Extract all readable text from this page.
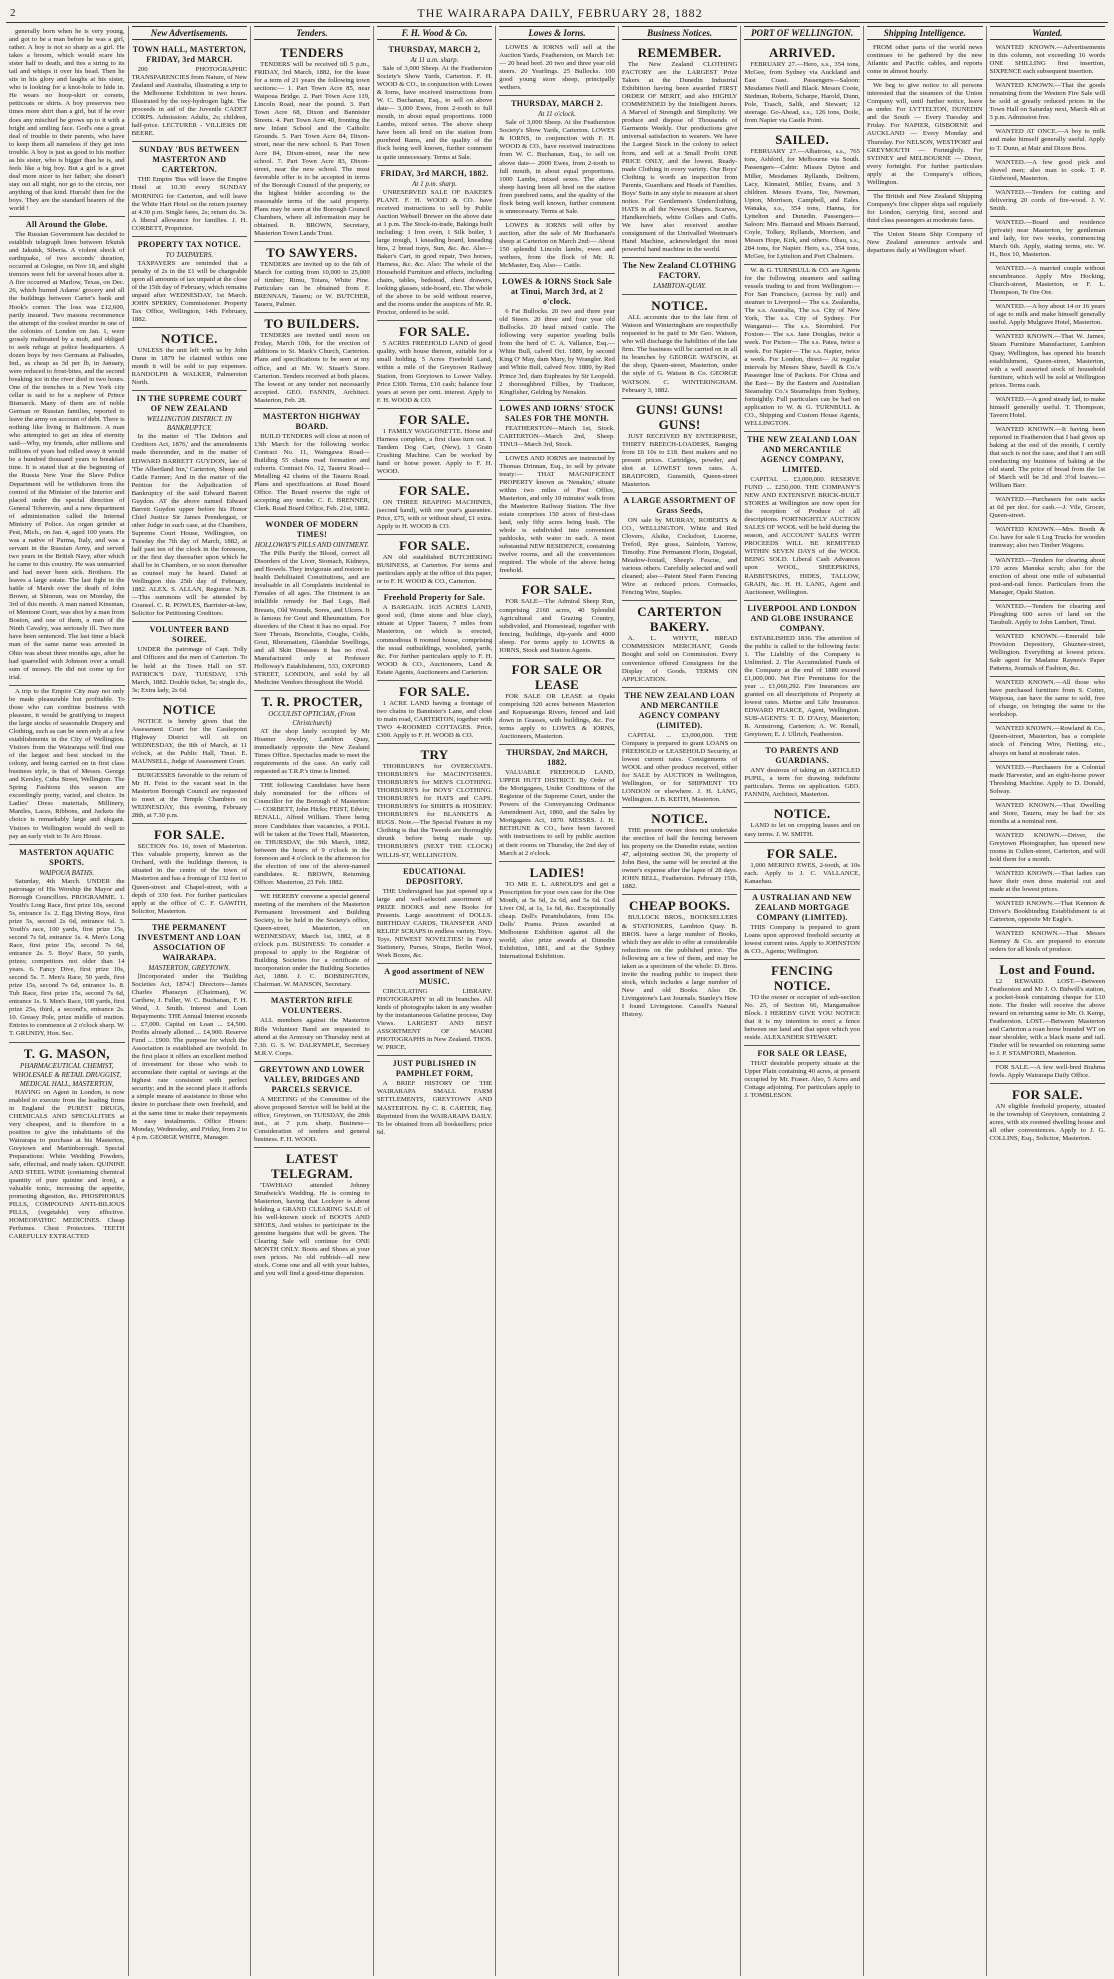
2	THE WAIRARAPA DAILY, FEBRUARY 28, 1882
generally born when he is very young, and got to be a man before he was a girl, rather. A boy is not so sharp as a girl. He takes a broom, which would scare his sister half to death, and ties a string to its tail and whisps it over his head. Then he sits in his glory and laughs at his sister, who is looking for a knot-hole to hide in. He wears no hoop-skirt or corsets, petticoats or shirts. A boy preserves two times more shirt than a girl, but if he ever does any mischief he grows up to it with a bright and smiling face. God's one a great deal of trouble to their parents, who have to keep them all nameless if they get into trouble. A boy is just as good to his mother as his sister, who is bigger than he is, and feels like a big boy. But a girl is a great deal more nicer to her father; she doesn't stay out all night, nor go to the circus, nor anything of that kind. Hurrah! then for the boys. They are the standard bearers of the world !
All Around the Globe.
The Russian Government has decided to establish telegraph lines between Irkutsk and Jakutsk, Siberia. A violent shock of earthquake, of two seconds' duration, occurred at Cologne, on Nov 18, and slight tremors were felt for several hours after it. A fire occurred at Marlow, Texas, on Dec. 26, which burned Adams' grocery and all the buildings between Carter's bank and Hook's corner. The loss was £12,600, partly insured. Two masons recommence the attempt of the coolest murder in one of the colonies of London on Jan. 1, were grossly maltreated by a mob, and obliged to seek refuge at police headquarters. A dozen boys by two Germans at Palisades, Ind., as cheap as 3d per lb, in January, were reduced to frost-bites, and the second breaking ice in the river died in two hours. One of the trenches in a New York city cellar is said to be a nephew of Prince Bismarck. Many of them are of noble German or Russian families, reported to leave the army on account of debt. There is nothing like living in Baltimore. A man who attempted to get an idea of eternity said—Why, my friends, after millions and millions of years had rolled away it would be a hundred thousand years to breakfast time. It is stated that at the beginning of the Russia New Year the Slave Police Department will be withdrawn from the control of the Minister of the Interior and placed under the special direction of General Tcherevin, and a new department of administration called the Internal Ministry of Police. An organ grinder at Pest, Mich., on Jan. 4, aged 100 years. He was a native of Parma, Italy, and was a servant in the Russian Army, and served two years in the British Navy, after which he came to this country. He was unmarried and had never been sick. Brothers. He leaves a large estate. The last fight in the battle of Marsh over the death of John Brown, at Shinoun, was on Monday, the 3rd of this month. A man named Kinsman, of Mentone Court, was shot by a man from Boston, and one of them, a man of the Ninth Cavalry, was seriously ill. Two men have been sentenced. The last time a black man of the same name was arrested in Ohio was about three months ago, after he had quarrelled with Johnson over a small sum of money. He did not come up for trial.
A trip to the Empire City may not only be made pleasurable but profitable. To those who can combine business with pleasure, it would be gratifying to inspect the large stocks of seasonable Drapery and Clothing, such as can be seen only at a few establishments in the City of Wellington. Visitors from the Wairarapa will find one of the largest and best stocked in the colony, and being carried on in first class business style, is that of Messrs. George and Kersley, Cuba Street, Wellington. The Spring Fashions this season are exceedingly pretty, varied, and choice. In Ladies' Dress materials, Millinery, Mantles, Laces, Ribbons, and Jackets the choice is remarkably large and elegant. Visitors to Wellington would do well to pay an early visit to Te Aro House.
MASTERTON AQUATIC SPORTS.
WAIPOUA BATHS.
Saturday, 4th March. UNDER the patronage of His Worship the Mayor and Borough Councillors. PROGRAMME. 1. Youth's Long Race, first prize 10s, second 5s, entrance 1s. 2. Egg Diving Boys, first prize 5s, second 2s 6d, entrance 6d. 3. Youth's race, 100 yards, first prize 15s, second 7s 6d, entrance 1s. 4. Men's Long Race, first prize 15s, second 7s 6d, entrance 2s. 5. Boys' Race, 50 yards, prizes; competitors not older than 14 years. 6. Fancy Dive, first prize 10s, second 5s. 7. Men's Race, 50 yards, first prize 15s, second 7s 6d, entrance 1s. 8. Tub Race, first prize 15s, second 7s 6d, entrance 1s. 9. Men's Race, 100 yards, first prize 25s, third, a second's, entrance 2s. 10. Greasy Pole, prize middle of mutton. Entries to commence at 2 o'clock sharp. W. T. GRUNDY, Hon. Sec.
T. G. MASON,
PHARMACEUTICAL CHEMIST, WHOLESALE & RETAIL DRUGGIST, MEDICAL HALL, MASTERTON,
HAVING on Agent in London, is now enabled to execute from the leading firms in England the PUREST DRUGS, CHEMICALS AND SPECIALITIES at very cheapest, and is therefore in a position to give the inhabitants of the Wairarapa to purchase at his Masterton, Greytown and Martinborough. Special Preparations: White Wedding Powders, safe, effectual, and ready taken. QUININE AND STEEL WINE (containing chemical quantity of pure quinine and iron), a valuable tonic, increasing the appetite, promoting digestion, &c. PHOSPHORUS PILLS, COMPOUND ANTI-BILIOUS PILLS, (vegetable) very effective. HOMEOPATHIC MEDICINES. Cheap Perfumes. Chest Protectors. TEETH CAREFULLY EXTRACTED
New Advertisements.
TOWN HALL, MASTERTON, FRIDAY, 3rd MARCH.
200 PHOTOGRAPHIC TRANSPARENCIES from Nature, of New Zealand and Australia, illustrating a trip to the Melbourne Exhibition in two hours. Illustrated by the oxy-hydrogen light. The proceeds in aid of the Juvenile CADET CORPS. Admission: Adults, 2s; children, half-price. LECTURER - VILLIERS DE BEERE.
SUNDAY 'BUS BETWEEN MASTERTON AND CARTERTON.
THE Empire 'Bus will leave the Empire Hotel at 10.30 every SUNDAY MORNING for Carterton, and will leave the White Hart Hotel on the return journey at 4.30 p.m. Single fares, 2s; return do. 3s. A liberal allowance for families. J. H. CORBETT, Proprietor.
PROPERTY TAX NOTICE.
TO TAXPAYERS.
TAXPAYERS are reminded that a penalty of 2s in the £1 will be chargeable upon all amounts of tax unpaid at the close of the 15th day of February, which remains unpaid after WEDNESDAY, 1st March. JOHN SPERRY, Commissioner. Property Tax Office, Wellington, 14th February, 1882.
NOTICE.
UNLESS the unit left with us by John Dunn in 1879 be claimed within one month it will be sold to pay expenses. RANDOLPH & WALKER, Palmerston North.
IN THE SUPREME COURT OF NEW ZEALAND
WELLINGTON DISTRICT. IN BANKRUPTCY.
In the matter of 'The Debtors and Creditors Act, 1876,' and the amendments made thereunder, and in the matter of EDWARD BARRETT GUYDON, late of 'The Albertland Inn,' Carterton, Sheep and Cattle Farmer; And in the matter of the Petition for the Adjudication of Bankruptcy of the said Edward Barrett Guydon. AT the above named Edward Barrett Guydon upper before his Honor Chief Justice Sir James Prendergast, or other Judge in such case, at the Chambers, Supreme Court House, Wellington, on Tuesday the 7th day of March, 1882, at half past ten of the clock in the forenoon, or the first day thereafter upon which he shall be in Chambers, or so soon thereafter as counsel may be heard. Dated at Wellington this 25th day of February, 1882. ALEX. S. ALLAN, Registrar. N.B.—This summons will be attended by Counsel. C. R. POWLES, Barrister-at-law, Solicitor for Petitioning Creditors.
VOLUNTEER BAND SOIREE.
UNDER the patronage of Capt. Tolly and Officers and the men of Carterton. To be held at the Town Hall on ST. PATRICK'S DAY, TUESDAY, 17th March, 1882. Double ticket, 5s; single do., 3s; Extra lady, 2s 6d.
NOTICE
NOTICE is hereby given that the Assessment Court for the Castlepoint Highway District will sit on WEDNESDAY, the 8th of March, at 11 o'clock, at the Public Hall, Tinui. E. MAUNSELL, Judge of Assessment Court.
BURGESSES favorable to the return of Mr H. Feist to the vacant seat in the Masterton Borough Council are requested to meet at the Temple Chambers on WEDNESDAY, this evening, February 28th, at 7.30 p.m.
FOR SALE.
SECTION No. 16, town of Masterton. This valuable property, known as the Orchard, with the buildings thereon, is situated in the centre of the town of Masterton and has a frontage of 132 feet to Queen-street and Chapel-street, with a depth of 330 feet. For further particulars apply at the office of C. F. GAWITH, Solicitor, Masterton.
THE PERMANENT INVESTMENT AND LOAN ASSOCIATION OF WAIRARAPA.
MASTERTON, GREYTOWN.
[Incorporated under the 'Building Societies Act, 1874.'] Directors—James Charles Pharazyn (Chairman), W. Carthew, J. Fuller, W. C. Buchanan, F. H. Wood, J. Smith. Interest and Loan Repayments: THE Annual Interest exceeds ... £7,000. Capital on Loan ... £4,500. Profits already allotted ... £4,900. Reserve Fund ... £900. The purpose for which the Association is established are twofold. In the first place it offers an excellent method of investment for those who wish to accumulate their capital or savings at the highest rate consistent with perfect security; and in the second place it affords a simple means of assistance to those who desire to purchase their own freehold, and at the same time to make their repayments in easy instalments. Office Hours: Monday, Wednesday, and Friday, from 2 to 4 p.m. GEORGE WHITE, Manager.
Tenders.
TENDERS
TENDERS will be received till 5 p.m., FRIDAY, 3rd March, 1882, for the lease for a term of 21 years the following town sections:— 1. Part Town Acre 85, near Waipoua Bridge. 2. Part Town Acre 119, Lincoln Road, near the pound. 3. Part Town Acre 68, Dixon and Bannister Streets. 4. Part Town Acre 40, fronting the new Infant School and the Catholic Grounds. 5. Part Town Acre 84, Dixon-street, near the new school. 6. Part Town Acre 84, Dixon-street, near the new school. 7. Part Town Acre 83, Dixon-street, near the new school. The most favorable offer is to be accepted in terms of the Borough Council of the property, or the highest bidder according to the reasonable terms of the said property. Plans may be seen at the Borough Council Chambers, where all information may be obtained. R. BROWN, Secretary, Masterton Town Lands Trust.
TO SAWYERS.
TENDERS are invited up to the 6th of March for cutting from 10,000 to 25,000 of timber; Rimu, Totara, White Pine. Particulars can be obtained from F. BRENNAN, Taueru; or W. BUTCHER, Taueru, Palmer.
TO BUILDERS.
TENDERS are invited until noon on Friday, March 10th, for the erection of additions to St. Mark's Church, Carterton. Plans and specifications to be seen at my office, and at Mr. W. Stuart's Store. Carterton. Tenders received at both places. The lowest or any tender not necessarily accepted. GEO. FANNIN, Architect. Masterton, Feb. 28.
MASTERTON HIGHWAY BOARD.
BUILD TENDERS will close at noon of 13th March for the following works: Contract No. 11, Waingawa Road—Building 55 chains road formation and culverts. Contract No. 12, Taueru Road—Metalling 42 chains of the Taueru Road. Plans and specifications at Road Board Office. The Board reserve the right of accepting any tender. C. E. BRENNER, Clerk. Road Board Office, Feb. 21st, 1882.
WONDER OF MODERN TIMES!
HOLLOWAY'S PILLS AND OINTMENT.
The Pills Purify the Blood, correct all Disorders of the Liver, Stomach, Kidneys, and Bowels. They invigorate and restore to health Debilitated Constitutions, and are invaluable in all Complaints incidental to Females of all ages. The Ointment is an infallible remedy for Bad Legs, Bad Breasts, Old Wounds, Sores, and Ulcers. It is famous for Gout and Rheumatism. For disorders of the Chest it has no equal. For Sore Throats, Bronchitis, Coughs, Colds, Gout, Rheumatism, Glandular Swellings, and all Skin Diseases it has no rival. Manufactured only at Professor Holloway's Establishment, 533, OXFORD STREET, LONDON, and sold by all Medicine Vendors throughout the World.
T. R. PROCTER,
OCCULIST OPTICIAN, (From Christchurch)
AT the shop lately occupied by Mr Hoamer Jewelry, Lambton Quay, immediately opposite the New Zealand Times Office. Spectacles made to meet the requirements of the case. An early call requested as T.R.P.'s time is limited.
THE following Candidates have been duly nominated for the offices of Councillor for the Borough of Masterton:— CORBETT, John Hicks; FEIST, Edwin; RENALL, Alfred William. There being more Candidates than vacancies, a POLL will be taken at the Town Hall, Masterton, on THURSDAY, the 9th March, 1882, between the hours of 9 o'clock in the forenoon and 4 o'clock in the afternoon for the election of one of the above-named candidates. R. BROWN, Returning Officer. Masterton, 23 Feb. 1882.
WE HEREBY convene a special general meeting of the members of the Masterton Permanent Investment and Building Society, to be held in the Society's office, Queen-street, Masterton, on WEDNESDAY, March 1st, 1882, at 8 o'clock p.m. BUSINESS: To consider a proposal to apply to the Registrar of Building Societies for a certificate of incorporation under the Building Societies Act, 1880. J. C. BOBBINGTON, Chairman. W. MANSON, Secretary.
MASTERTON RIFLE VOLUNTEERS.
ALL members against the Masterton Rifle Volunteer Band are requested to attend at the Armoury on Thursday next at 7.30. G. S. W. DALRYMPLE, Secretary M.R.V. Corps.
GREYTOWN AND LOWER VALLEY, BRIDGES AND PARCELS SERVICE.
A MEETING of the Committee of the above proposed Service will be held at the office, Greytown, on TUESDAY, the 28th inst., at 7 p.m. sharp. Business—Consideration of tenders and general business. F. H. WOOD.
LATEST TELEGRAM.
'TAWHIAO attended Johnny Strudwick's Wedding. He is coming to Masterton, having that Lockyer is about holding a GRAND CLEARING SALE of his well-known stock of BOOTS AND SHOES, And wishes to participate in the genuine bargains that will be given. The Clearing Sale will continue for ONE MONTH ONLY. Boots and Shoes at your own prices. No old rubbish—all new stock. Come one and all with your babies, and you will find a good-time dispersion.
F. H. Wood & Co.
THURSDAY, MARCH 2,
At 11 a.m. sharp.
Sale of 3,000 Sheep. At the Featherston Society's Show Yards, Carterton. F. H. WOOD & CO., in conjunction with Lowes & Iorns, have received instructions from W. C. Buchanan, Esq., to sell on above date— 3,000 Ewes, from 2-tooth to full mouth, in about equal proportions. 1000 Lambs, mixed sexes. The above sheep have been all bred on the station from purebred Rams, and the quality of the flock being well known, further comment is quite unnecessary. Terms at Sale.
FRIDAY, 3rd MARCH, 1882.
At 1 p.m. sharp.
UNRESERVED SALE OF BAKER'S PLANT. F. H. WOOD & CO. have received instructions to sell by Public Auction Websell Brewer on the above date at 1 p.m. The Stock-in-trade, Bakings built including: 1 Iron oven, 1 Silk boiler, 1 large trough, 1 kneading board, kneading bins, 2 bread trays, Sun, &c. &c. Also— Baker's Cart, in good repair, Two horses, Harness, &c. &c. Also: The whole of the Household Furniture and effects, including chairs, tables, bedstead, chest drawers, looking glasses, side-board, etc. The whole of the above to be sold without reserve, and the rooms under the auspices of Mr. R. Proctor, ordered to be sold.
FOR SALE.
5 ACRES FREEHOLD LAND of good quality, with house thereon, suitable for a small holding. 5 Acres Freehold Land, within a mile of the Greytown Railway Station, from Greytown to Lower Valley. Price £300. Terms, £10 cash; balance four years at seven per cent. interest. Apply to F. H. WOOD & CO.
FOR SALE.
1 FAMILY WAGGONETTE. Horse and Harness complete, a first class turn out. 1 Tandem Dog Cart, (New). 1 Grain Crushing Machine. Can be worked by hand or horse power. Apply to F. H. WOOD.
FOR SALE.
ON THREE REAPING MACHINES, (second hand), with one year's guarantee. Price, £75, with or without sheaf, £1 extra. Apply to H. WOOD & CO.
FOR SALE.
AN old established BUTCHERING BUSINESS, at Carterton. For terms and particulars apply at the office of this paper, or to F. H. WOOD & CO., Carterton.
Freehold Property for Sale.
A BARGAIN. 1635 ACRES LAND, good soil, (lime stone and blue clay), situate at Upper Taueru, 7 miles from Masterton, on which is erected, commodious 8 roomed house, comprising the usual outbuildings, woolshed, yards, &c. For further particulars apply to F. H. WOOD & CO., Auctioneers, Land & Estate Agents, Auctioneers and Carterton.
FOR SALE.
1 ACRE LAND having a frontage of two chains to Bannister's Lane, and close to main road, CARTERTON, together with TWO 4-ROOMED COTTAGES. Price, £300. Apply to F. H. WOOD & CO.
TRY
THORBURN'S for OVERCOATS. THORBURN'S for MACINTOSHES. THORBURN'S for MEN'S CLOTHING. THORBURN'S for BOYS' CLOTHING. THORBURN'S for HATS and CAPS. THORBURN'S for SHIRTS & HOSIERY. THORBURN'S for BLANKETS & RUGS. Note.—The Special Feature in my Clothing is that the Tweeds are thoroughly shrunk before being made up. THORBURN'S (NEXT THE CLOCK) WILLIS-ST, WELLINGTON.
EDUCATIONAL DEPOSITORY.
THE Undersigned has just opened up a large and well-selected assortment of PRIZE BOOKS and new Books for Presents. Large assortment of DOLLS. BIRTHDAY CARDS, TRANSFER AND RELIEF SCRAPS in endless variety. Toys. Toys. NEWEST NOVELTIES! In Fancy Stationery, Purses, Straps, Berlin Wool, Work Boxes, &c.
A good assortment of NEW MUSIC.
CIRCULATING LIBRARY. PHOTOGRAPHY in all its branches. All kinds of photographs taken in any weather by the instantaneous Gelatine process, Day Views. LARGEST AND BEST ASSORTMENT OF MAORI PHOTOGRAPHS in New Zealand. THOS. W. PRICE.
JUST PUBLISHED IN PAMPHLET FORM,
A BRIEF HISTORY OF THE WAIRARAPA SMALL FARM SETTLEMENTS, GREYTOWN AND MASTERTON. By C. R. CARTER, Esq. Reprinted from the WAIRARAPA DAILY. To be obtained from all booksellers; price 6d.
Lowes & Iorns.
LOWES & IORNS will sell at the Auction Yards, Featherston, on March 1st:— 20 head beef. 20 two and three year old steers. 20 Yearlings. 25 Bullocks. 100 good young store sheep, principally wethers.
THURSDAY, MARCH 2.
At 11 o'clock.
Sale of 3,000 Sheep. At the Featherston Society's Show Yards, Carterton. LOWES & IORNS, in conjunction with F. H. WOOD & CO., have received instructions from W. C. Buchanan, Esq., to sell on above date— 2000 Ewes, from 2-tooth to full mouth, in about equal proportions. 1000 Lambs, mixed sexes. The above sheep having been all bred on the station from purebred rams, and the quality of the flock being well known, further comment is unnecessary. Terms at Sale.
LOWES & IORNS will offer by auction, after the sale of Mr Buchanan's sheep at Carterton on March 2nd:— About 150 splendid Lincoln lambs, ewes and wethers, from the flock of Mr. R. McMaster, Esq. Also— Cattle.
LOWES & IORNS Stock Sale at Tinui, March 3rd, at 2 o'clock.
6 Fat Bullocks. 20 two and three year old Steers. 20 three and four year old Bullocks. 20 head mixed cattle. The following very superior yearling bulls from the herd of C. A. Vallance, Esq.— White Bull, calved Oct. 1880, by second King O' May, dam Mary, by Wrangler. Red and White Bull, calved Nov. 1880, by Red Prince 3rd, dam Euphrates by Sir Leopold. 2 thoroughbred Fillies, by Traducer, Kingfisher, Gelding by Nenakin.
LOWES AND IORNS' STOCK SALES FOR THE MONTH.
FEATHERSTON—March 1st, Stock. CARTERTON—March 2nd, Sheep. TINUI—March 3rd, Stock.
LOWES AND IORNS are instructed by Thomas Drinnan, Esq., to sell by private treaty:— THAT MAGNIFICENT PROPERTY known as 'Nenakin,' situate within two miles of Post Office, Masterton, and only 10 minutes' walk from the Masterton Railway Station. The five estate comprises 150 acres of first-class land, only fifty acres being bush. The whole is subdivided into convenient paddocks, with water in each. A most substantial NEW RESIDENCE, containing twelve rooms, and all the conveniences required. The whole of the above being freehold.
FOR SALE.
FOR SALE—The Admiral Sheep Run, comprising 2160 acres, 40 Splendid Agricultural and Grazing Country, subdivided, and Homestead, together with fencing, buildings, dip-yards and 4000 sheep. For terms apply to LOWES & IORNS, Stock and Station Agents.
FOR SALE OR LEASE
FOR SALE OR LEASE at Opaki comprising 320 acres between Masterton and Kopuaranga Rivers, fenced and laid down in Grasses, with buildings, &c. For terms apply to LOWES & IORNS, Auctioneers, Masterton.
THURSDAY, 2nd MARCH, 1882.
VALUABLE FREEHOLD LAND, UPPER HUTT DISTRICT. By Order of the Mortgagees, Under Conditions of the Registrar of the Supreme Court, under the Powers of the Conveyancing Ordinance Amendment Act, 1860, and the Sales by Mortgagees Act, 1870. MESSRS. J. H. BETHUNE & CO., have been favored with instructions to sell by public auction at their rooms on Thursday, the 2nd day of March at 2 o'clock.
LADIES!
TO MR E. L. ARNOLD'S and get a Prescription for your own case for the One Month, at 5s 6d, 2s 6d, and 5s 6d. Cod Liver Oil, at 1s, 1s 6d, &c. Exceptionally cheap. Doll's Perambulators, from 15s. Dolls' Prams. Prizes awarded at Melbourne Exhibition against all the world; also prize awards at Dunedin Exhibition, 1881, and at the Sydney International Exhibition.
Business Notices.
REMEMBER.
The New Zealand CLOTHING FACTORY are the LARGEST Prize Takers at the Dunedin Industrial Exhibition having been awarded FIRST ORDER OF MERIT, and also HIGHLY COMMENDED by the Intelligent Jurors. A Marvel of Strength and Simplicity. We produce and dispose of Thousands of Garments Weekly. Our productions give universal satisfaction to wearers. We have the Largest Stock in the colony to select from, and sell at a Small Profit ONE PRICE ONLY, and the lowest. Ready-made Clothing in every variety. Our Boys' Clothing is worth an inspection from Parents, Guardians and Heads of Families. Boys' Suits in any style to measure at short notice. For Gentlemen's Underclothing, HATS in all the Newest Shapes. Scarves, Handkerchiefs, white Collars and Cuffs. We have also received another consignment of the Unrivalled Weetman's Hand Machine, acknowledged the most powerful hand machine in the world.
The New Zealand CLOTHING FACTORY.
LAMBTON-QUAY.
NOTICE.
ALL accounts due to the late firm of Watson and Winteringham are respectfully requested to be paid to Mr Geo. Watson, who will discharge the liabilities of the late firm. The business will be carried on in all its branches by GEORGE WATSON, at the shop, Queen-street, Masterton, under the style of G. Watson & Co. GEORGE WATSON. C. WINTERINGHAM. February 3, 1882.
GUNS! GUNS! GUNS!
JUST RECEIVED BY ENTERPRISE, THIRTY BREECH-LOADERS, Ranging from £6 10s to £18. Best makers and no present prices. Cartridges, powder, and shot at LOWEST town rates. A. BRADFORD, Gunsmith, Queen-street Masterton.
A LARGE ASSORTMENT OF Grass Seeds,
ON sale by MURRAY, ROBERTS & CO., WELLINGTON. White and Red Clovers, Alsike, Cocksfoot, Lucerne, Trefoil, Rye grass, Sainfoin, Yarrow, Timothy. Fine Permanent Florin, Dogstail, Meadow-foxtail, Sheep's Fescue, and various others. Carefully selected and well cleaned; also—Patent Steel Farm Fencing Wire at reduced prices. Cornsacks, Fencing Wire, Staples.
CARTERTON BAKERY.
A. L. WHYTE, BREAD COMMISSION MERCHANT, Goods Bought and sold on Commission. Every convenience offered Consignees for the Display of Goods. TERMS ON APPLICATION.
THE NEW ZEALAND LOAN AND MERCANTILE AGENCY COMPANY (LIMITED).
CAPITAL ... £3,000,000. THE Company is prepared to grant LOANS on FREEHOLD or LEASEHOLD Security, at lowest current rates. Consignments of WOOL and other produce received, either for SALE by AUCTION in Wellington, Wellington, or for SHIPMENT TO LONDON or elsewhere. J. H. LANG, Wellington. J. B. KEITH, Masterton.
NOTICE.
THE present owner does not undertake the erection of half the fencing between his property on the Dunedin estate, section 47, adjoining section 36, the property of John Best, the same will be erected at the owner's expense after the lapse of 28 days. JOHN BELL, Featherston. February 15th, 1882.
CHEAP BOOKS.
BULLOCK BROS., BOOKSELLERS & STATIONERS, Lambton Quay. B. BROS. have a large number of Books, which they are able to offer at considerable reductions on the published price. The following are a few of them, and may be taken as a specimen of the whole: D. Bros. invite the reading public to inspect their stock, which includes a large number of New and old Books. Also Dr. Livingstone's Last Journals. Stanley's How I found Livingstone. Cassell's Natural History.
PORT OF WELLINGTON.
ARRIVED.
FEBRUARY 27.—Hero, s.s., 354 tons, McGee, from Sydney via Auckland and East Coast. Passengers—Saloon: Mesdames Neill and Black. Messrs Coote, Stedman, Roberts, Scharpe, Harold, Dunn, Pole, Trasch, Salik, and Stewart; 12 steerage. Go-Ahead, s.s., 126 tons, Doile, from Napier via Castle Point.
SAILED.
FEBRUARY 27.—Albatross, s.s., 765 tons, Ashford, for Melbourne via South. Passengers—Cabin: Misses Dyton and Miller, Mesdames Ryllands, Doltrem, Lacy, Kinnaird, Miller, Evans, and 3 children. Messrs Evans, Tee, Newman, Upton, Morrison, Campbell, and Eales. Wanaka, s.s., 354 tons, Hanna, for Lyttelton and Dunedin. Passengers—Saloon: Mrs. Barraud and Misses Barraud, Coyle, Tolkey, Ryllands, Morrison, and Messrs Hope, Kirk, and others. Ohau, s.s., 284 tons, for Napier. Hero, s.s., 354 tons, McGee, for Lyttelton and Port Chalmers.
W. & G. TURNBULL & CO. are Agents for the following steamers and sailing vessels trading to and from Wellington:— For San Francisco, (across by rail) and steamer to Liverpool— The s.s. Zealandia, The s.s. Australia, The s.s. City of New York, The s.s. City of Sydney. For Wanganui— The s.s. Stormbird. For Foxton— The s.s. Jane Douglas, twice a week. For Picton— The s.s. Patea, twice a week. For Napier— The s.s. Napier, twice a week. For London, direct— At regular intervals by Messrs Shaw, Savill & Co.'s Passenger line of Packets. For China and the East— By the Eastern and Australian Steamship Co.'s Steamships from Sydney, fortnightly. Full particulars can be had on application to W. & G. TURNBULL & CO., Shipping and Custom House Agents, WELLINGTON.
THE NEW ZEALAND LOAN AND MERCANTILE AGENCY COMPANY, LIMITED.
CAPITAL ... £3,000,000. RESERVE FUND ... £250,000. THE COMPANY'S NEW AND EXTENSIVE BRICK-BUILT STORES at Wellington are now open for the reception of Produce of all descriptions. FORTNIGHTLY AUCTION SALES OF WOOL will be held during the season, and ACCOUNT SALES WITH PROCEEDS WILL BE REMITTED WITHIN SEVEN DAYS of the WOOL BEING SOLD. Liberal Cash Advances upon WOOL, SHEEPSKINS, RABBITSKINS, HIDES, TALLOW, GRAIN, &c. H. H. LANG, Agent and Auctioneer, Wellington.
LIVERPOOL AND LONDON AND GLOBE INSURANCE COMPANY.
ESTABLISHED 1836. The attention of the public is called to the following facts: 1. The Liability of the Company is Unlimited. 2. The Accumulated Funds of the Company at the end of 1880 exceed £1,000,000. Net Fire Premiums for the year ... £1,060,292. Fire Insurances are granted on all descriptions of Property at lowest rates. Marine and Life Insurance. EDWARD PEARCE, Agent, Wellington. SUB-AGENTS: T. D. D'Arcy, Masterton; R. Armstrong, Carterton; A. W. Renall, Greytown; E. J. Ullrich, Featherston.
TO PARENTS AND GUARDIANS.
ANY desirous of taking an ARTICLED PUPIL, a term for drawing indefinite particulars. Terms on application. GEO. FANNIN, Architect, Masterton.
NOTICE.
LAND to let on cropping leases and on easy terms. J. W. SMITH.
FOR SALE.
1,000 MERINO EWES, 2-tooth, at 10s each. Apply to J. C. VALLANCE, Kanaehau.
A USTRALIAN AND NEW ZEALAND MORTGAGE COMPANY (LIMITED).
THIS Company is prepared to grant Loans upon approved freehold security at lowest current rates. Apply to JOHNSTON & CO., Agents; Wellington.
FENCING NOTICE.
TO the owner or occupier of sub-section No. 25, of Section 66, Mangamahoe Block. I HEREBY GIVE YOU NOTICE that it is my intention to erect a fence between our land and that upon which you reside. ALEXANDER STEWART.
FOR SALE OR LEASE,
THAT desirable property situate at the Upper Plain containing 40 acres, at present occupied by Mr. Fraser. Also, 5 Acres and Cottage adjoining. For particulars apply to J. TOMBLESON.
Shipping Intelligence.
FROM other parts of the world news continues to be gathered by the new Atlantic and Pacific cables, and reports come in almost hourly.
We beg to give notice to all persons interested that the steamers of the Union Company will, until further notice, leave as under. For LYTTELTON, DUNEDIN and the South — Every Tuesday and Friday. For NAPIER, GISBORNE and AUCKLAND — Every Monday and Thursday. For NELSON, WESTPORT and GREYMOUTH — Fortnightly. For SYDNEY and MELBOURNE — Direct, every fortnight. For further particulars apply at the Company's offices, Wellington.
The British and New Zealand Shipping Company's fine clipper ships sail regularly for London, carrying first, second and third class passengers at moderate fares.
The Union Steam Ship Company of New Zealand announce arrivals and departures daily at Wellington wharf.
Wanted.
WANTED KNOWN.—Advertisements in this column, not exceeding 16 words ONE SHILLING first insertion, SIXPENCE each subsequent insertion.
WANTED KNOWN.—That the goods remaining from the Western Fire Sale will be sold at greatly reduced prices in the Town Hall on Saturday next, March 4th at 3 p.m. Admission free.
WANTED AT ONCE.—A boy to milk and make himself generally useful. Apply to T. Dunn, at Mair and Dixon Bros.
WANTED.—A few good pick and shovel men; also man to cook. T. P. Girdwood, Masterton.
WANTED.—Tenders for cutting and delivering 20 cords of fire-wood. J. V. Smith.
WANTED.—Board and residence (private) near Masterton, by gentleman and lady, for two weeks, commencing March 6th. Apply, stating terms, etc. W. H., Box 10, Masterton.
WANTED.—A married couple without encumbrance. Apply Mrs Hocking, Church-street, Masterton, or F. L. Thompson, Te Ore Ore.
WANTED.—A boy about 14 or 16 years of age to milk and make himself generally useful. Apply Mulgrave Hotel, Masterton.
WANTED KNOWN.—That W. James, Steam Furniture Manufacturer, Lambton Quay, Wellington, has opened his branch establishment, Queen-street, Masterton, with a well assorted stock of household furniture, which will be sold at Wellington prices. Terms cash.
WANTED.—A good steady lad, to make himself generally useful. T. Thompson, Tavern Hotel.
WANTED KNOWN.—It having been reported in Featherston that I had given up baking at the end of the month, I certify that such is not the case, and that I am still conducting my business of baking at the old stand. The price of bread from the 1st of March will be 3d and 3½d loaves.—William Barr.
WANTED.—Purchasers for oats sacks at 6d per doz. for cash.—J. Vile, Grocer, Queen-street.
WANTED KNOWN.—Mrs. Booth & Co. have for sale 6 Log Trucks for wooden tramway; also two Timber Wagons.
WANTED.—Tenders for clearing about 170 acres Manuka scrub; also for the erection of about one mile of substantial post-and-rail fence. Particulars from the Manager, Opaki Station.
WANTED.—Tenders for clearing and Ploughing 600 acres of land on the Tarabuli. Apply to John Lambert, Tinui.
WANTED KNOWN.—Emerald Isle Provision Depository, Ghuznee-street, Wellington. Everything at lowest prices. Sale agent for Madame Raynes's Paper Patterns, Journals of Fashion, &c.
WANTED KNOWN.—All those who have purchased furniture from S. Cotter, Waipoua, can have the same to sold, free of charge, on bringing the same to the workshop.
WANTED KNOWN.—Rowland & Co., Queen-street, Masterton, has a complete stock of Fencing Wire, Netting, etc., always on hand at moderate rates.
WANTED.—Purchasers for a Colonial made Harvester, and an eight-horse power Threshing Machine. Apply to D. Donald, Solway.
WANTED KNOWN.—That Dwelling and Store, Taueru, may be had for six months at a nominal rent.
WANTED KNOWN.—Driver, the Greytown Photographer, has opened new rooms in Cullen-street, Carterton, and will hold them for a month.
WANTED KNOWN.—That ladies can have their own dress material cut and made at the lowest prices.
WANTED KNOWN.—That Kennon & Driver's Bookbinding Establishment is at Carterton, opposite Mr Eagle's.
WANTED KNOWN.—That Messrs Kenney & Co. are prepared to execute orders for all kinds of produce.
Lost and Found.
£2 REWARD. LOST.—Between Featherston and Mr J. O. Bidwill's station, a pocket-book containing cheque for £10 note. The finder will receive the above reward on returning same to Mr. O. Kemp, Featherston. LOST.—Between Masterton and Carterton a roan horse branded WT on near shoulder, with a black mane and tail. Finder will be rewarded on returning same to J. P. STAMFORD, Masterton.
FOR SALE.—A few well-bred Brahma fowls. Apply Wairarapa Daily Office.
FOR SALE.
AN eligible freehold property, situated in the township of Greytown, containing 2 acres, with six roomed dwelling house and all other conveniences. Apply to J. G. COLLINS, Esq., Solicitor, Masterton.
